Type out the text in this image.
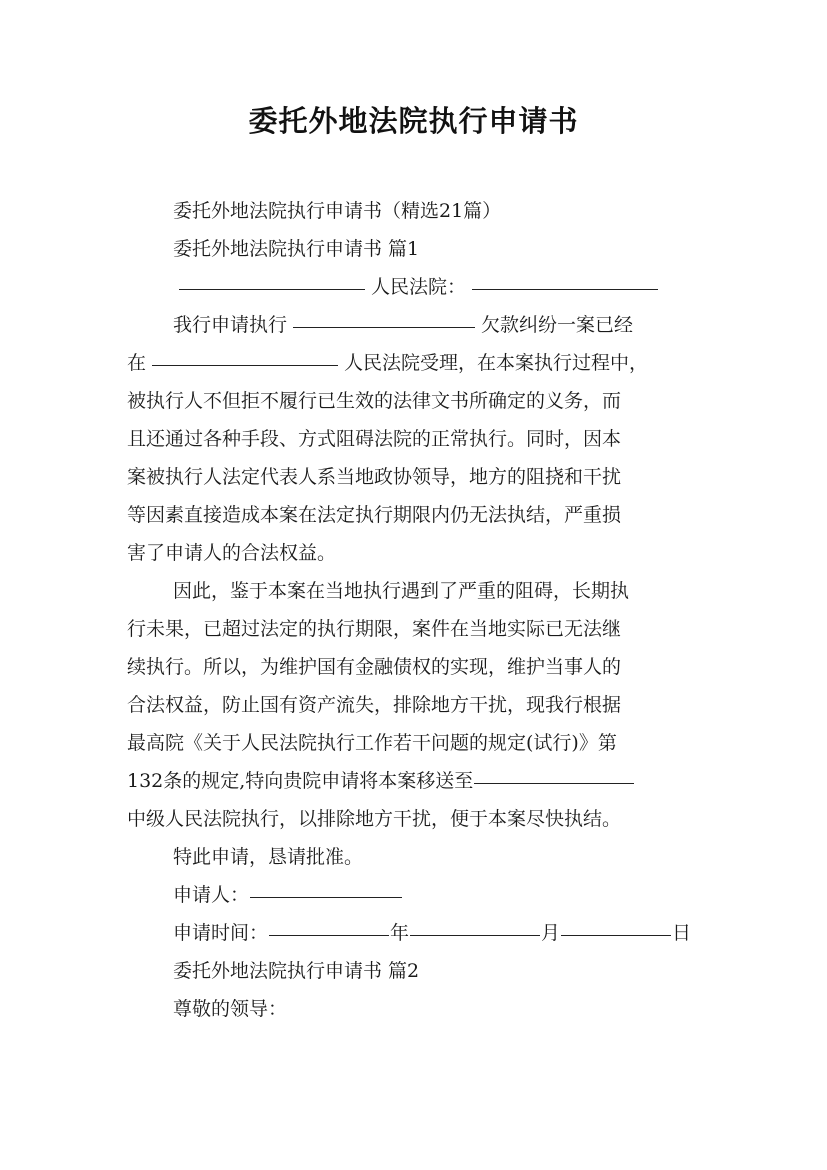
委托外地法院执行申请书
委托外地法院执行申请书（精选21篇）
委托外地法院执行申请书 篇1
人民法院：
我行申请执行	欠款纠纷一案已经
在	人民法院受理，在本案执行过程中，
被执行人不但拒不履行已生效的法律文书所确定的义务，而
且还通过各种手段、方式阻碍法院的正常执行。同时，因本
案被执行人法定代表人系当地政协领导，地方的阻挠和干扰
等因素直接造成本案在法定执行期限内仍无法执结，严重损
害了申请人的合法权益。
因此，鉴于本案在当地执行遇到了严重的阻碍，长期执
行未果，已超过法定的执行期限，案件在当地实际已无法继
续执行。所以，为维护国有金融债权的实现，维护当事人的
合法权益，防止国有资产流失，排除地方干扰，现我行根据
最高院《关于人民法院执行工作若干问题的规定(试行)》第
132条的规定,特向贵院申请将本案移送至
中级人民法院执行，以排除地方干扰，便于本案尽快执结。
特此申请，恳请批准。
申请人：
申请时间：	年	月	日
委托外地法院执行申请书 篇2
尊敬的领导：
